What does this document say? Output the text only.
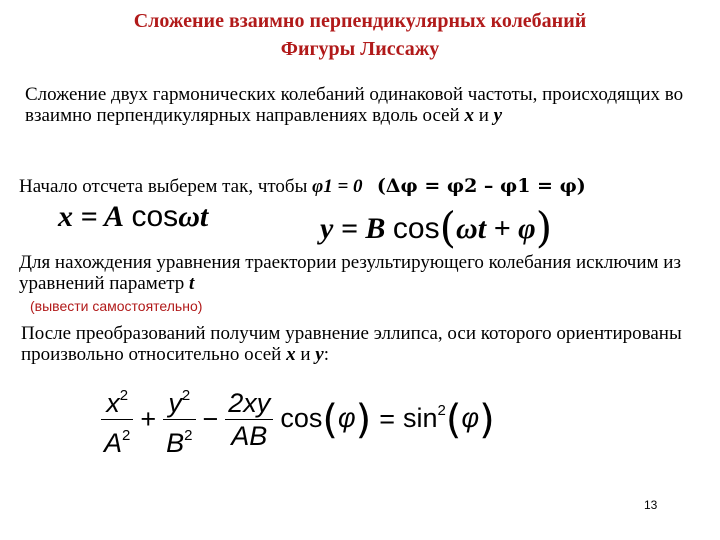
Сложение взаимно перпендикулярных колебаний
Фигуры Лиссажу
Сложение двух гармонических колебаний одинаковой частоты, происходящих во взаимно перпендикулярных направлениях вдоль осей x и y
Начало отсчета выберем так, чтобы φ1 = 0 (Δφ = φ2 – φ1 = φ)
x = A cosωt	y = B cos(ωt + φ)
Для нахождения уравнения траектории результирующего колебания исключим из уравнений параметр t
(вывести самостоятельно)
После преобразований получим уравнение эллипса, оси которого ориентированы произвольно относительно осей x и y:
$\frac{x^2}{A^2} + \frac{y^2}{B^2} - \frac{2xy}{AB} \cos(\varphi) = \sin^2(\varphi)$
13
